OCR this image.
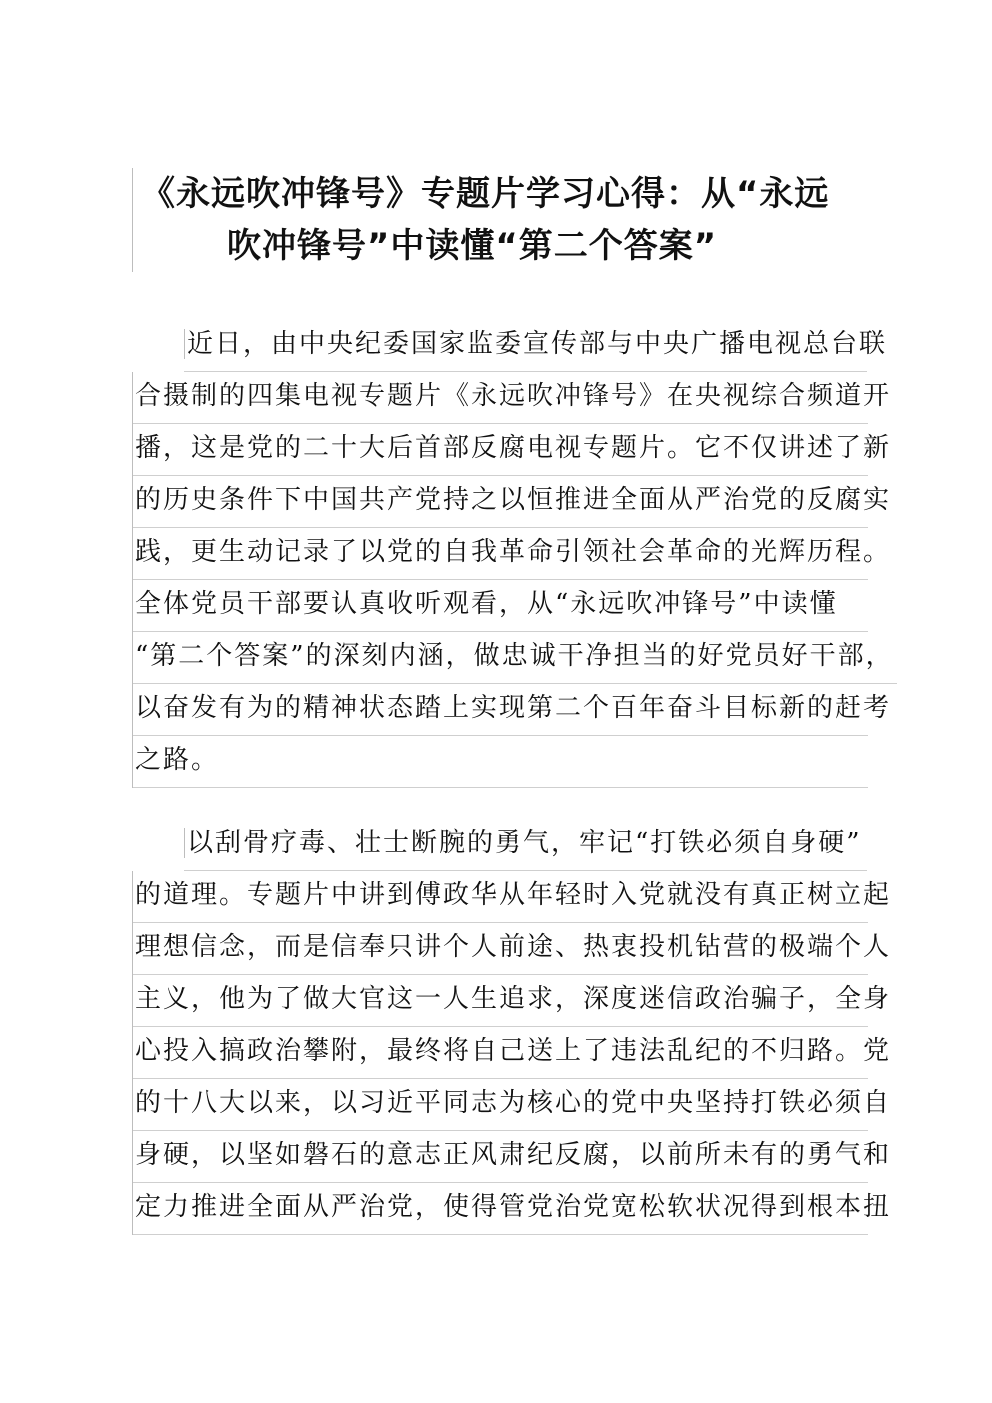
《永远吹冲锋号》专题片学习心得：从“永远
吹冲锋号”中读懂“第二个答案”
近日，由中央纪委国家监委宣传部与中央广播电视总台联
合摄制的四集电视专题片《永远吹冲锋号》在央视综合频道开
播，这是党的二十大后首部反腐电视专题片。它不仅讲述了新
的历史条件下中国共产党持之以恒推进全面从严治党的反腐实
践，更生动记录了以党的自我革命引领社会革命的光辉历程。
全体党员干部要认真收听观看，从“永远吹冲锋号”中读懂
“第二个答案”的深刻内涵，做忠诚干净担当的好党员好干部，
以奋发有为的精神状态踏上实现第二个百年奋斗目标新的赶考
之路。
以刮骨疗毒、壮士断腕的勇气，牢记“打铁必须自身硬”
的道理。专题片中讲到傅政华从年轻时入党就没有真正树立起
理想信念，而是信奉只讲个人前途、热衷投机钻营的极端个人
主义，他为了做大官这一人生追求，深度迷信政治骗子，全身
心投入搞政治攀附，最终将自己送上了违法乱纪的不归路。党
的十八大以来，以习近平同志为核心的党中央坚持打铁必须自
身硬，以坚如磐石的意志正风肃纪反腐，以前所未有的勇气和
定力推进全面从严治党，使得管党治党宽松软状况得到根本扭
